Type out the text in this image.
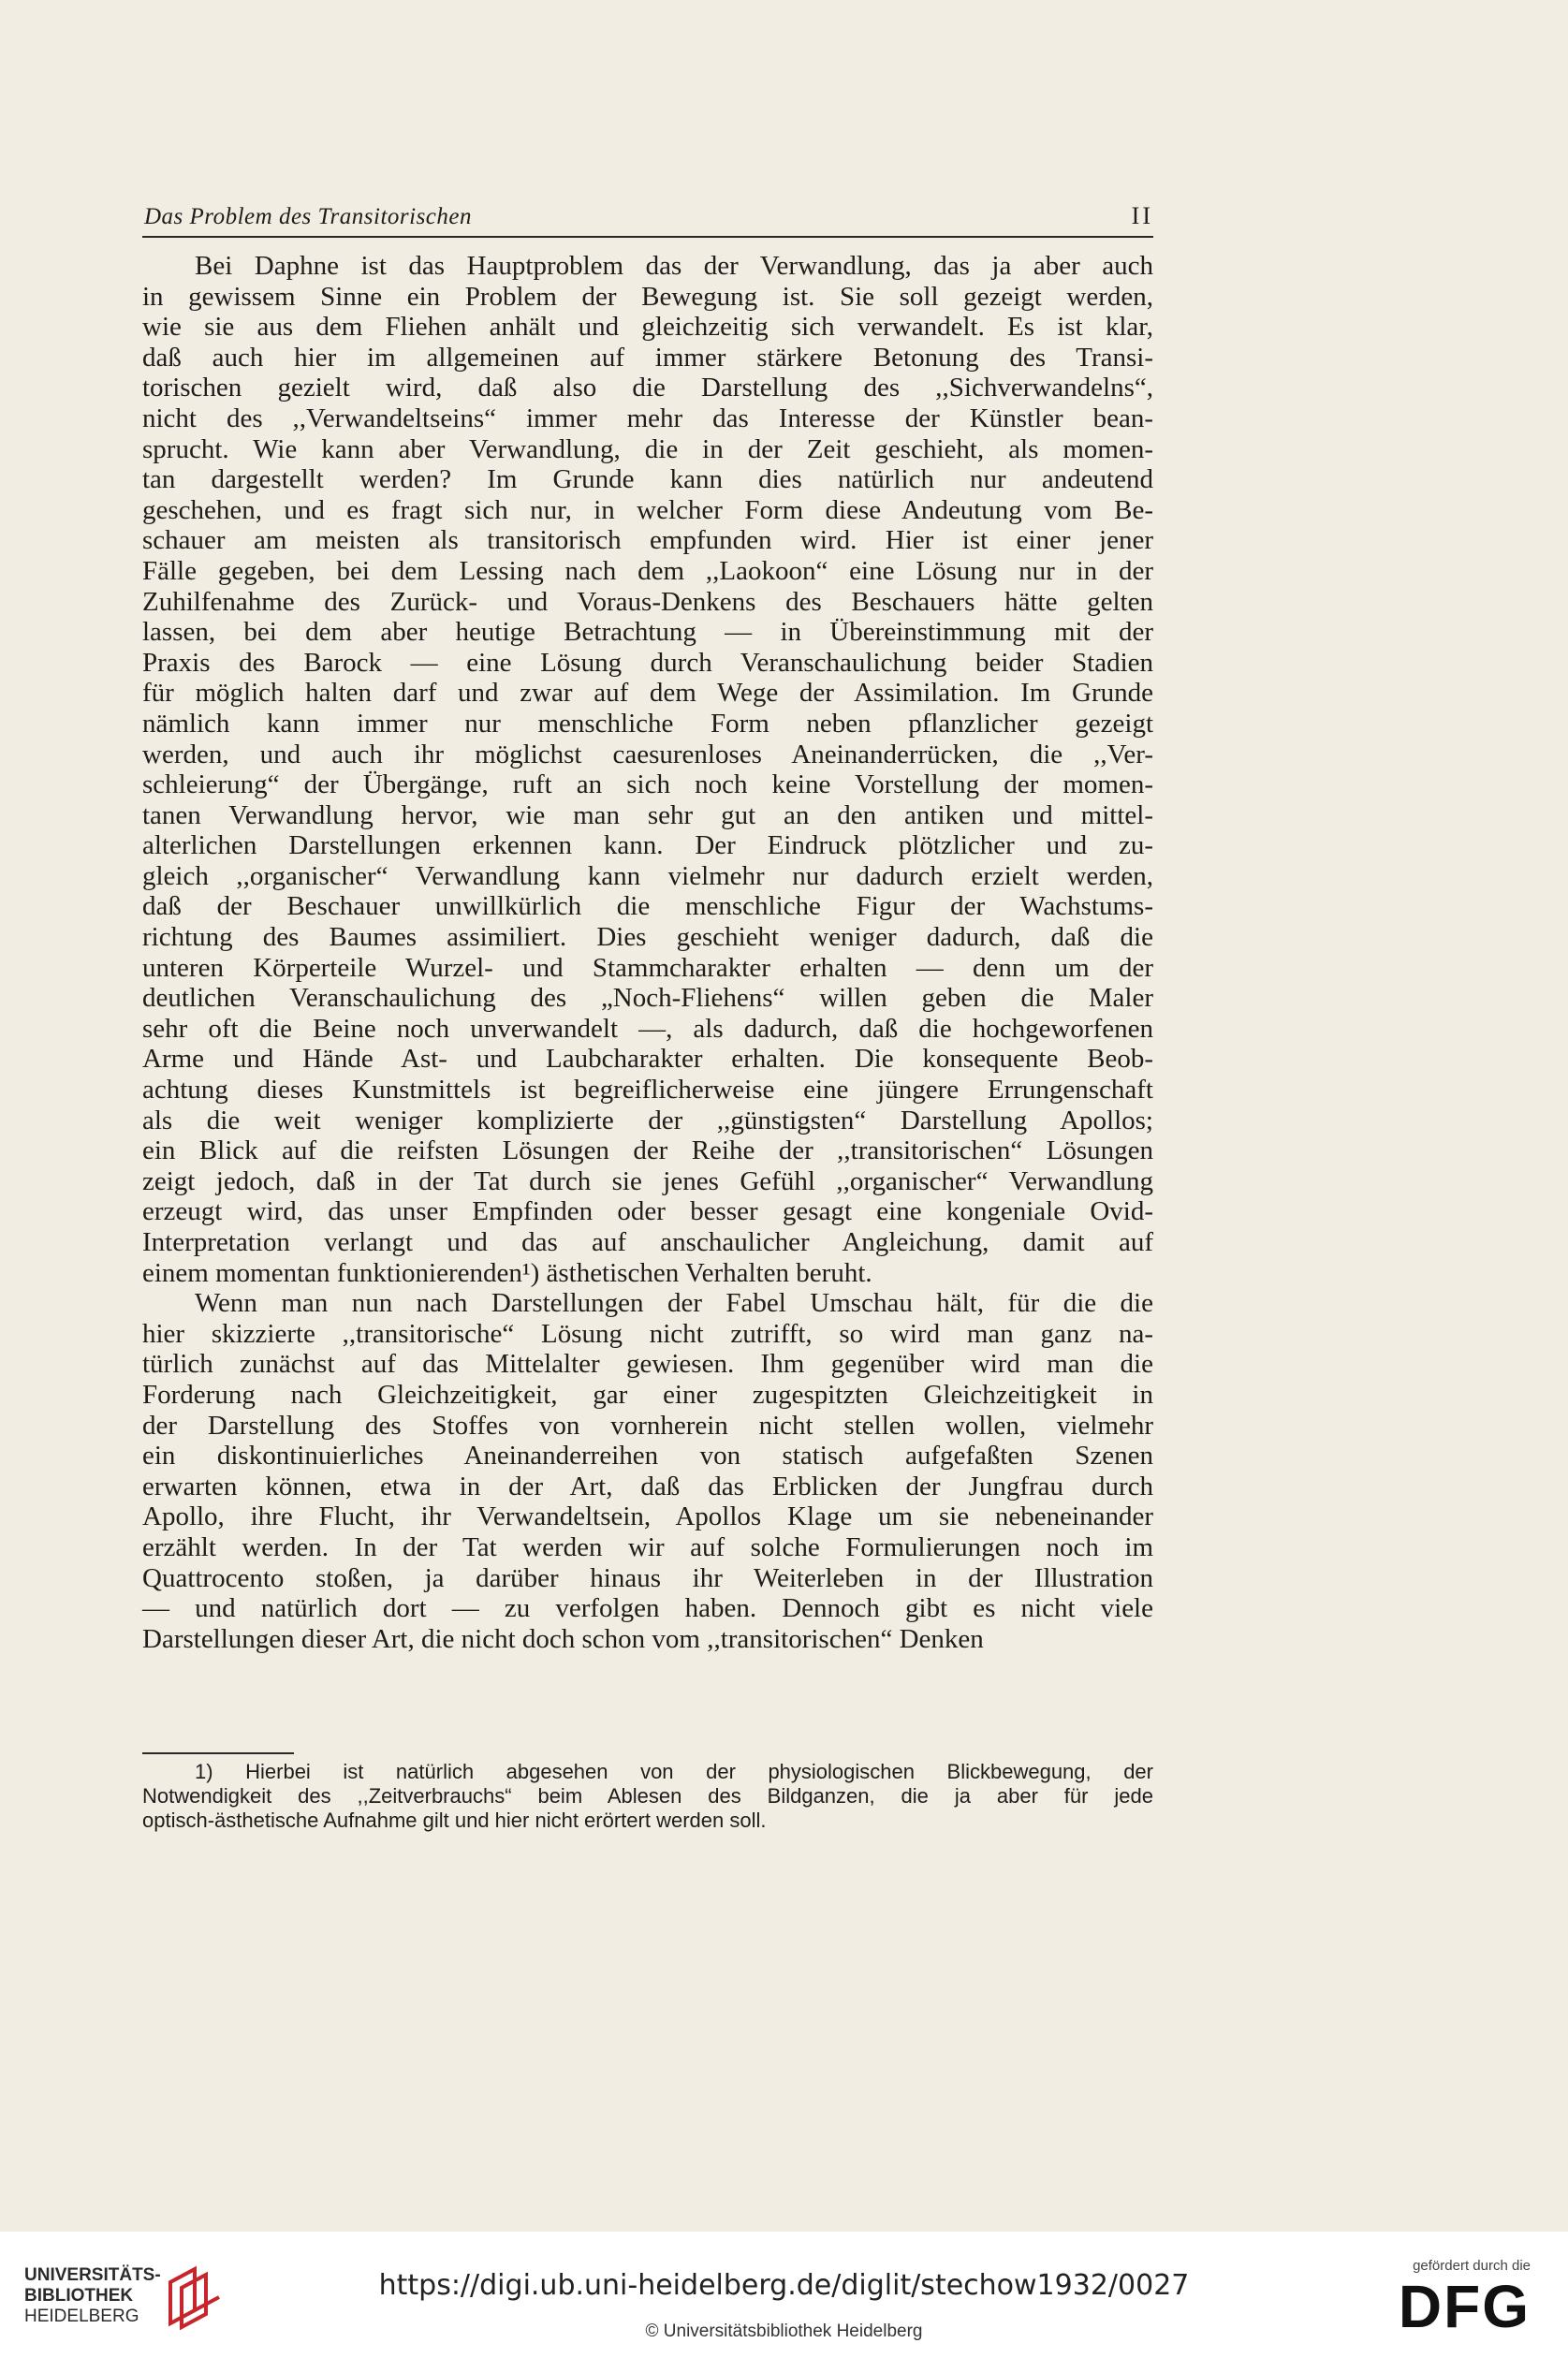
Das Problem des Transitorischen	II
Bei Daphne ist das Hauptproblem das der Verwandlung, das ja aber auch
in gewissem Sinne ein Problem der Bewegung ist. Sie soll gezeigt werden,
wie sie aus dem Fliehen anhält und gleichzeitig sich verwandelt. Es ist klar,
daß auch hier im allgemeinen auf immer stärkere Betonung des Transi-
torischen gezielt wird, daß also die Darstellung des ,,Sichverwandelns“,
nicht des ,,Verwandeltseins“ immer mehr das Interesse der Künstler bean-
sprucht. Wie kann aber Verwandlung, die in der Zeit geschieht, als momen-
tan dargestellt werden? Im Grunde kann dies natürlich nur andeutend
geschehen, und es fragt sich nur, in welcher Form diese Andeutung vom Be-
schauer am meisten als transitorisch empfunden wird. Hier ist einer jener
Fälle gegeben, bei dem Lessing nach dem ,,Laokoon“ eine Lösung nur in der
Zuhilfenahme des Zurück- und Voraus-Denkens des Beschauers hätte gelten
lassen, bei dem aber heutige Betrachtung — in Übereinstimmung mit der
Praxis des Barock — eine Lösung durch Veranschaulichung beider Stadien
für möglich halten darf und zwar auf dem Wege der Assimilation. Im Grunde
nämlich kann immer nur menschliche Form neben pflanzlicher gezeigt
werden, und auch ihr möglichst caesurenloses Aneinanderrücken, die ,,Ver-
schleierung“ der Übergänge, ruft an sich noch keine Vorstellung der momen-
tanen Verwandlung hervor, wie man sehr gut an den antiken und mittel-
alterlichen Darstellungen erkennen kann. Der Eindruck plötzlicher und zu-
gleich ,,organischer“ Verwandlung kann vielmehr nur dadurch erzielt werden,
daß der Beschauer unwillkürlich die menschliche Figur der Wachstums-
richtung des Baumes assimiliert. Dies geschieht weniger dadurch, daß die
unteren Körperteile Wurzel- und Stammcharakter erhalten — denn um der
deutlichen Veranschaulichung des „Noch-Fliehens“ willen geben die Maler
sehr oft die Beine noch unverwandelt —, als dadurch, daß die hochgeworfenen
Arme und Hände Ast- und Laubcharakter erhalten. Die konsequente Beob-
achtung dieses Kunstmittels ist begreiflicherweise eine jüngere Errungenschaft
als die weit weniger komplizierte der ,,günstigsten“ Darstellung Apollos;
ein Blick auf die reifsten Lösungen der Reihe der ,,transitorischen“ Lösungen
zeigt jedoch, daß in der Tat durch sie jenes Gefühl ,,organischer“ Verwandlung
erzeugt wird, das unser Empfinden oder besser gesagt eine kongeniale Ovid-
Interpretation verlangt und das auf anschaulicher Angleichung, damit auf
einem momentan funktionierenden¹) ästhetischen Verhalten beruht.
Wenn man nun nach Darstellungen der Fabel Umschau hält, für die die
hier skizzierte ,,transitorische“ Lösung nicht zutrifft, so wird man ganz na-
türlich zunächst auf das Mittelalter gewiesen. Ihm gegenüber wird man die
Forderung nach Gleichzeitigkeit, gar einer zugespitzten Gleichzeitigkeit in
der Darstellung des Stoffes von vornherein nicht stellen wollen, vielmehr
ein diskontinuierliches Aneinanderreihen von statisch aufgefaßten Szenen
erwarten können, etwa in der Art, daß das Erblicken der Jungfrau durch
Apollo, ihre Flucht, ihr Verwandeltsein, Apollos Klage um sie nebeneinander
erzählt werden. In der Tat werden wir auf solche Formulierungen noch im
Quattrocento stoßen, ja darüber hinaus ihr Weiterleben in der Illustration
— und natürlich dort — zu verfolgen haben. Dennoch gibt es nicht viele
Darstellungen dieser Art, die nicht doch schon vom ,,transitorischen“ Denken
1) Hierbei ist natürlich abgesehen von der physiologischen Blickbewegung, der
Notwendigkeit des ,,Zeitverbrauchs“ beim Ablesen des Bildganzen, die ja aber für jede
optisch-ästhetische Aufnahme gilt und hier nicht erörtert werden soll.
UNIVERSITÄTS-
BIBLIOTHEK
HEIDELBERG
https://digi.ub.uni-heidelberg.de/diglit/stechow1932/0027
© Universitätsbibliothek Heidelberg
gefördert durch die
DFG
